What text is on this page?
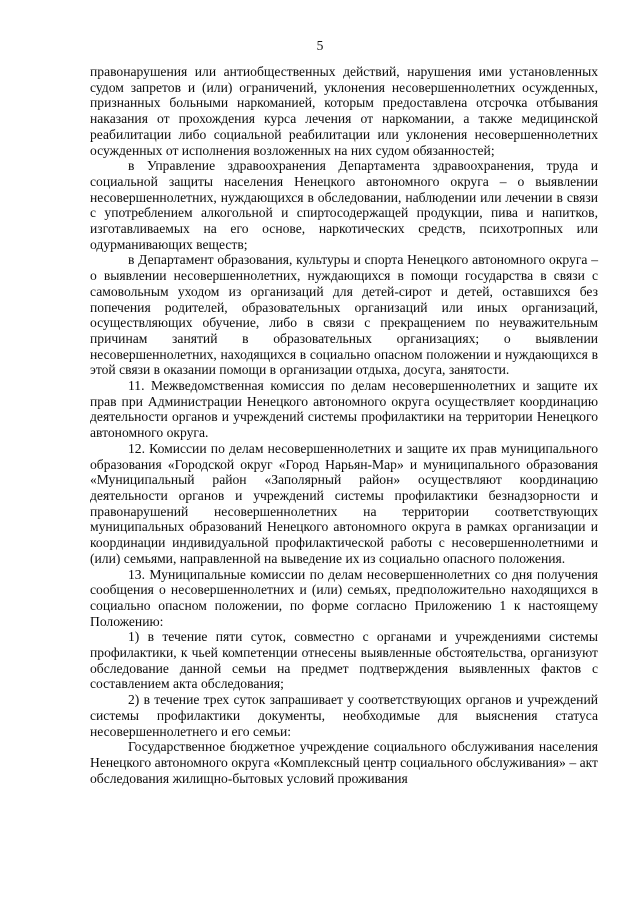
5

правонарушения или антиобщественных действий, нарушения ими установленных судом запретов и (или) ограничений, уклонения несовершеннолетних осужденных, признанных больными наркоманией, которым предоставлена отсрочка отбывания наказания от прохождения курса лечения от наркомании, а также медицинской реабилитации либо социальной реабилитации или уклонения несовершеннолетних осужденных от исполнения возложенных на них судом обязанностей;

в Управление здравоохранения Департамента здравоохранения, труда и социальной защиты населения Ненецкого автономного округа – о выявлении несовершеннолетних, нуждающихся в обследовании, наблюдении или лечении в связи с употреблением алкогольной и спиртосодержащей продукции, пива и напитков, изготавливаемых на его основе, наркотических средств, психотропных или одурманивающих веществ;

в Департамент образования, культуры и спорта Ненецкого автономного округа – о выявлении несовершеннолетних, нуждающихся в помощи государства в связи с самовольным уходом из организаций для детей-сирот и детей, оставшихся без попечения родителей, образовательных организаций или иных организаций, осуществляющих обучение, либо в связи с прекращением по неуважительным причинам занятий в образовательных организациях; о выявлении несовершеннолетних, находящихся в социально опасном положении и нуждающихся в этой связи в оказании помощи в организации отдыха, досуга, занятости.

11. Межведомственная комиссия по делам несовершеннолетних и защите их прав при Администрации Ненецкого автономного округа осуществляет координацию деятельности органов и учреждений системы профилактики на территории Ненецкого автономного округа.

12. Комиссии по делам несовершеннолетних и защите их прав муниципального образования «Городской округ «Город Нарьян-Мар» и муниципального образования «Муниципальный район «Заполярный район» осуществляют координацию деятельности органов и учреждений системы профилактики безнадзорности и правонарушений несовершеннолетних на территории соответствующих муниципальных образований Ненецкого автономного округа в рамках организации и координации индивидуальной профилактической работы с несовершеннолетними и (или) семьями, направленной на выведение их из социально опасного положения.

13. Муниципальные комиссии по делам несовершеннолетних со дня получения сообщения о несовершеннолетних и (или) семьях, предположительно находящихся в социально опасном положении, по форме согласно Приложению 1 к настоящему Положению:

1) в течение пяти суток, совместно с органами и учреждениями системы профилактики, к чьей компетенции отнесены выявленные обстоятельства, организуют обследование данной семьи на предмет подтверждения выявленных фактов с составлением акта обследования;

2) в течение трех суток запрашивает у соответствующих органов и учреждений системы профилактики документы, необходимые для выяснения статуса несовершеннолетнего и его семьи:

Государственное бюджетное учреждение социального обслуживания населения Ненецкого автономного округа «Комплексный центр социального обслуживания» – акт обследования жилищно-бытовых условий проживания
